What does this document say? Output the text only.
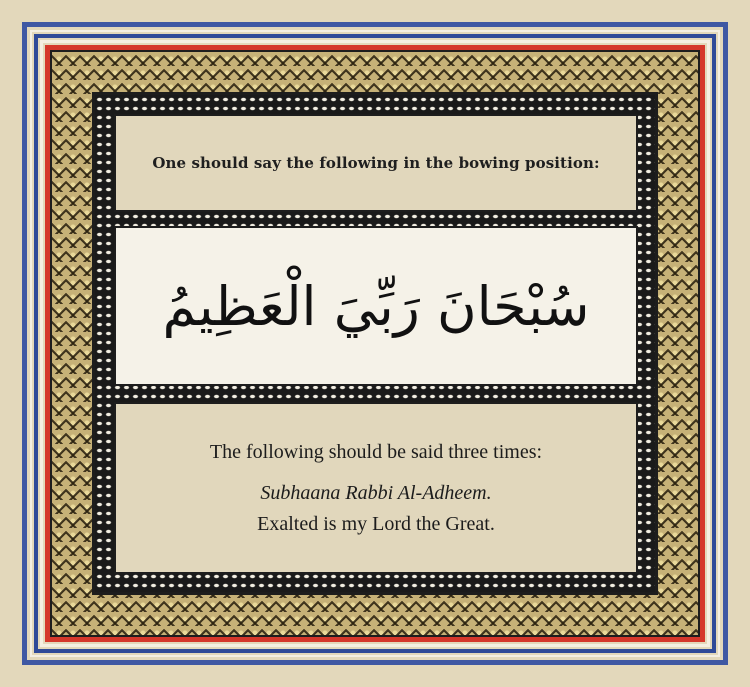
One should say the following in the bowing position:
سُبْحَانَ رَبِّيَ الْعَظِيمُ

The following should be said three times:

Subhaana Rabbi Al-Adheem.

Exalted is my Lord the Great.
